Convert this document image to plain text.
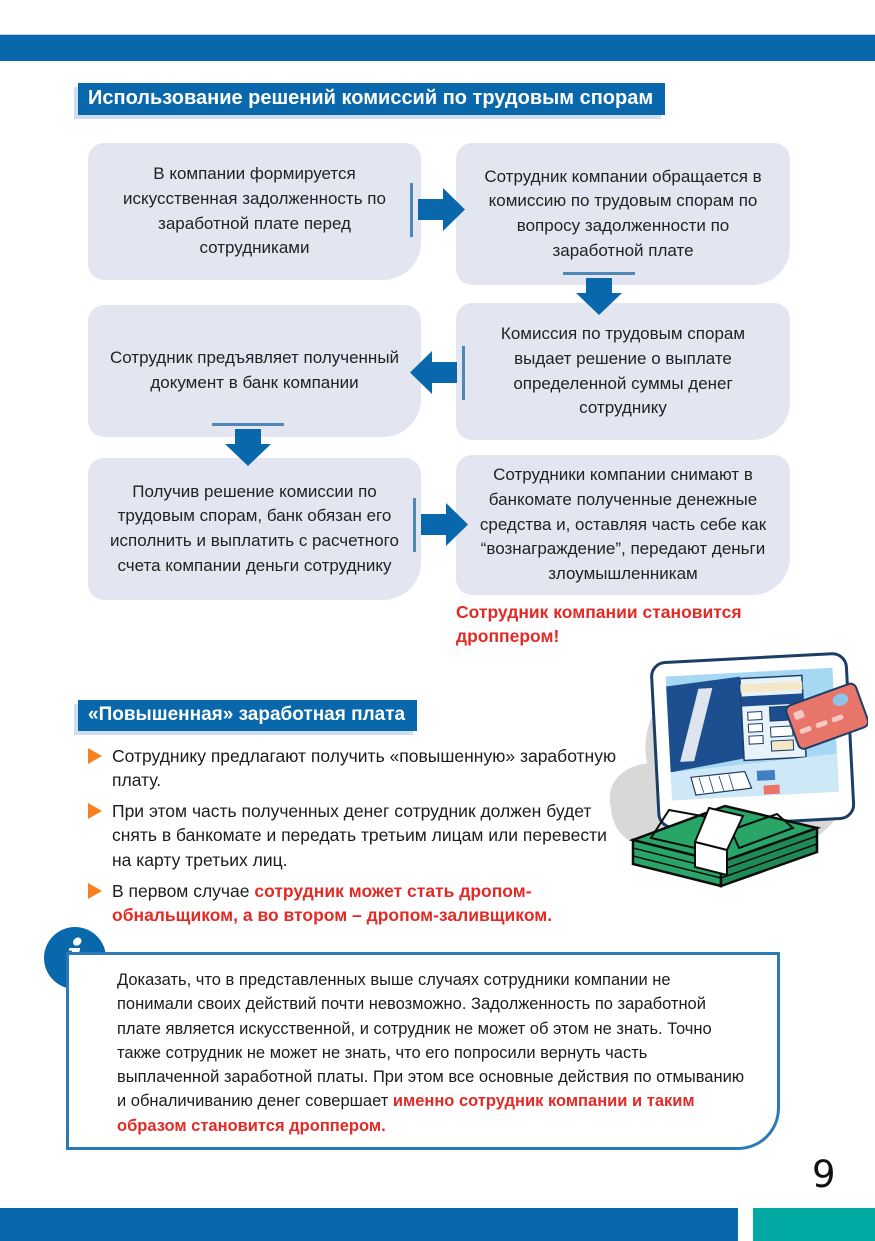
Использование решений комиссий по трудовым спорам
В компании формируется искусственная задолженность по заработной плате перед сотрудниками
Сотрудник компании обращается в комиссию по трудовым спорам по вопросу задолженности по заработной плате
Сотрудник предъявляет полученный документ в банк компании
Комиссия по трудовым спорам выдает решение о выплате определенной суммы денег сотруднику
Получив решение комиссии по трудовым спорам, банк обязан его исполнить и выплатить с расчетного счета компании деньги сотруднику
Сотрудники компании снимают в банкомате полученные денежные средства и, оставляя часть себе как “вознаграждение”, передают деньги злоумышленникам
Сотрудник компании становится дроппером!
«Повышенная» заработная плата
Сотруднику предлагают получить «повышенную» заработную плату.
При этом часть полученных денег сотрудник должен будет снять в банкомате и передать третьим лицам или перевести на карту третьих лиц.
В первом случае сотрудник может стать дропом-обнальщиком, а во втором – дропом-заливщиком.
Доказать, что в представленных выше случаях сотрудники компании не понимали своих действий почти невозможно. Задолженность по заработной плате является искусственной, и сотрудник не может об этом не знать. Точно также сотрудник не может не знать, что его попросили вернуть часть выплаченной заработной платы. При этом все основные действия по отмыванию и обналичиванию денег совершает именно сотрудник компании и таким образом становится дроппером.
9
